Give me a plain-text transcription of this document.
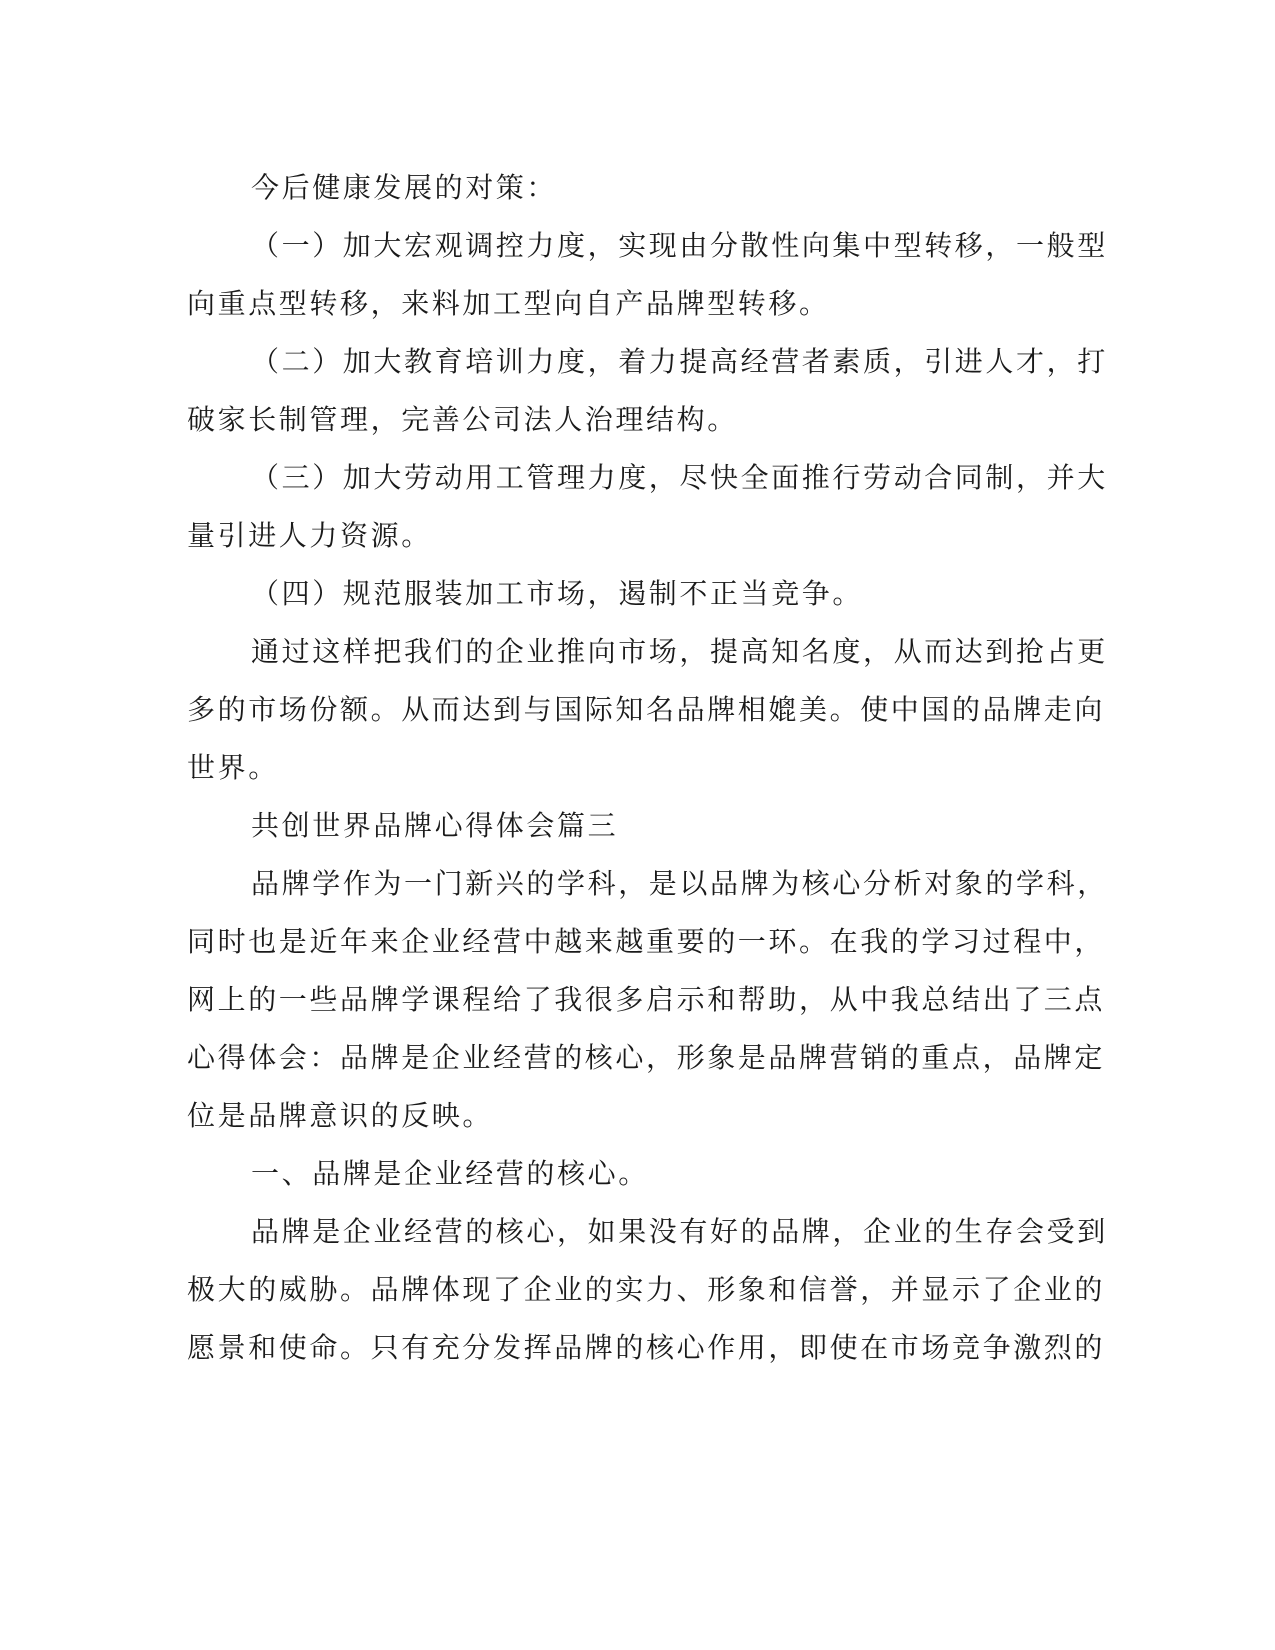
今后健康发展的对策：
（一）加大宏观调控力度，实现由分散性向集中型转移，一般型
向重点型转移，来料加工型向自产品牌型转移。
（二）加大教育培训力度，着力提高经营者素质，引进人才，打
破家长制管理，完善公司法人治理结构。
（三）加大劳动用工管理力度，尽快全面推行劳动合同制，并大
量引进人力资源。
（四）规范服装加工市场，遏制不正当竞争。
通过这样把我们的企业推向市场，提高知名度，从而达到抢占更
多的市场份额。从而达到与国际知名品牌相媲美。使中国的品牌走向
世界。
共创世界品牌心得体会篇三
品牌学作为一门新兴的学科，是以品牌为核心分析对象的学科，
同时也是近年来企业经营中越来越重要的一环。在我的学习过程中，
网上的一些品牌学课程给了我很多启示和帮助，从中我总结出了三点
心得体会：品牌是企业经营的核心，形象是品牌营销的重点，品牌定
位是品牌意识的反映。
一、品牌是企业经营的核心。
品牌是企业经营的核心，如果没有好的品牌，企业的生存会受到
极大的威胁。品牌体现了企业的实力、形象和信誉，并显示了企业的
愿景和使命。只有充分发挥品牌的核心作用，即使在市场竞争激烈的
